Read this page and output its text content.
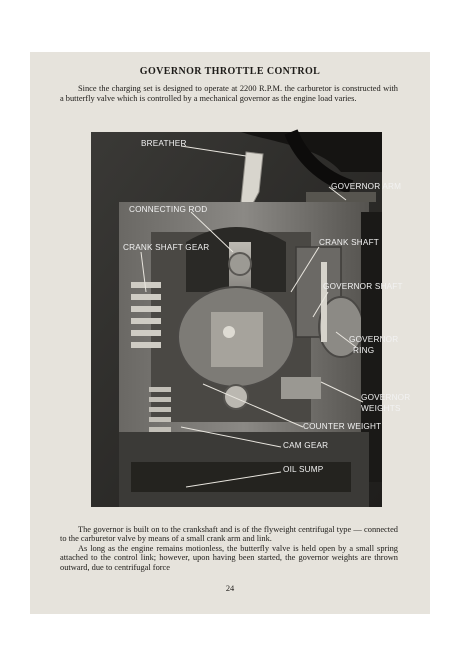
GOVERNOR THROTTLE CONTROL

Since the charging set is designed to operate at 2200 R.P.M. the carburetor is constructed with a butterfly valve which is controlled by a mechanical governor as the engine load varies.

BREATHER
GOVERNOR ARM
CONNECTING ROD
CRANK SHAFT GEAR
CRANK SHAFT
GOVERNOR SHAFT
GOVERNOR
RING
GOVERNOR
WEIGHTS
COUNTER WEIGHT
CAM GEAR
OIL SUMP

The governor is built on to the crankshaft and is of the flyweight centrifugal type — connected to the carburetor valve by means of a small crank arm and link.

As long as the engine remains motionless, the butterfly valve is held open by a small spring attached to the control link; however, upon having been started, the governor weights are thrown outward, due to centrifugal force

24
